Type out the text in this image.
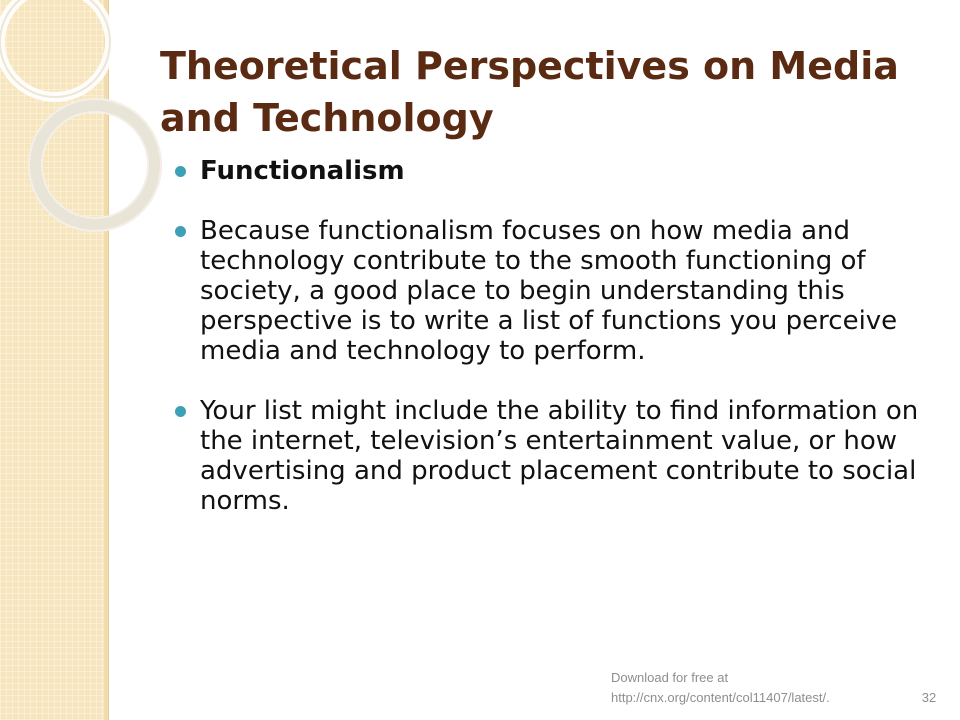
Theoretical Perspectives on Media and Technology
Functionalism
Because functionalism focuses on how media and technology contribute to the smooth functioning of society, a good place to begin understanding this perspective is to write a list of functions you perceive media and technology to perform.
Your list might include the ability to find information on the internet, television’s entertainment value, or how advertising and product placement contribute to social norms.
Download for free at
http://cnx.org/content/col11407/latest/.	32
